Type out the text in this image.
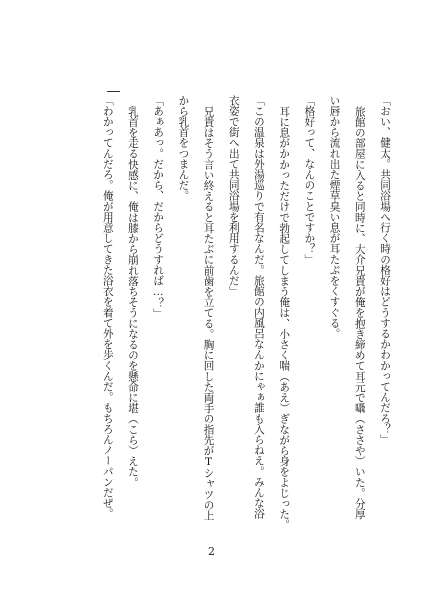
「おい、健太。共同浴場へ行く時の格好はどうするかわかってんだろ？」
旅館の部屋に入ると同時に、大介兄貴が俺を抱き締めて耳元で囁（ささや）いた。分厚
い唇から流れ出た煙草臭い息が耳たぶをくすぐる。
「格好って、なんのことですか？」
耳に息がかかっただけで勃起してしまう俺は、小さく喘（あえ）ぎながら身をよじった。
「この温泉は外湯巡りで有名なんだ。旅館の内風呂なんかにゃぁ誰も入らねえ。みんな浴
衣姿で街へ出て共同浴場を利用するんだ」
兄貴はそう言い終えると耳たぶに前歯を立てる。胸に回した両手の指先がTシャツの上
から乳首をつまんだ。
「あぁあっ。だから、だからどうすれば…？」
乳首を走る快感に、俺は膝から崩れ落ちそうになるのを懸命に堪（こら）えた。
「わかってんだろ。俺が用意してきた浴衣を着て外を歩くんだ。もちろんノーパンだぜ。
2
